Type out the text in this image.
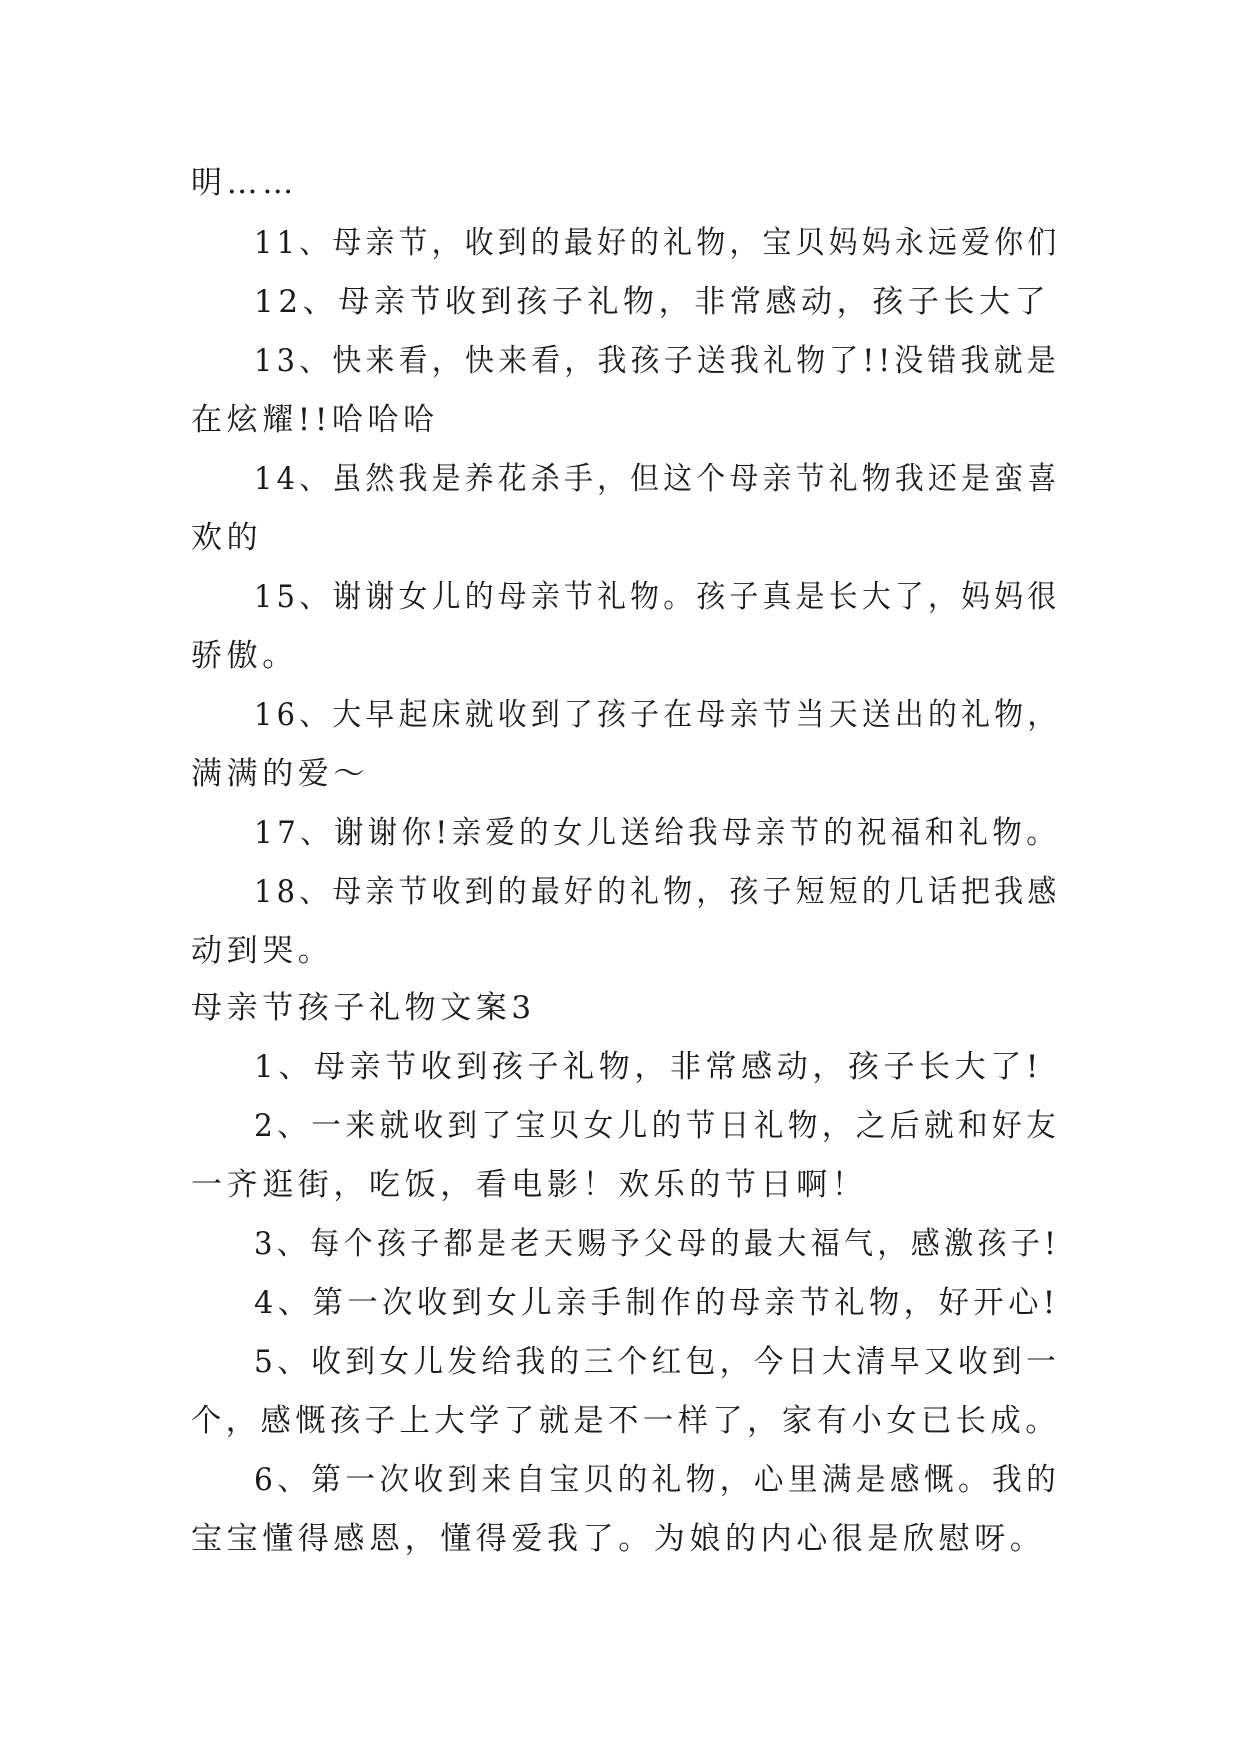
明……
11、母亲节，收到的最好的礼物，宝贝妈妈永远爱你们
12、母亲节收到孩子礼物，非常感动，孩子长大了
13、快来看，快来看，我孩子送我礼物了!!没错我就是
在炫耀!!哈哈哈
14、虽然我是养花杀手，但这个母亲节礼物我还是蛮喜
欢的
15、谢谢女儿的母亲节礼物。孩子真是长大了，妈妈很
骄傲。
16、大早起床就收到了孩子在母亲节当天送出的礼物，
满满的爱～
17、谢谢你!亲爱的女儿送给我母亲节的祝福和礼物。
18、母亲节收到的最好的礼物，孩子短短的几话把我感
动到哭。
母亲节孩子礼物文案3
1、母亲节收到孩子礼物，非常感动，孩子长大了!
2、一来就收到了宝贝女儿的节日礼物，之后就和好友
一齐逛街，吃饭，看电影！欢乐的节日啊！
3、每个孩子都是老天赐予父母的最大福气，感激孩子!
4、第一次收到女儿亲手制作的母亲节礼物，好开心!
5、收到女儿发给我的三个红包，今日大清早又收到一
个，感慨孩子上大学了就是不一样了，家有小女已长成。
6、第一次收到来自宝贝的礼物，心里满是感慨。我的
宝宝懂得感恩，懂得爱我了。为娘的内心很是欣慰呀。
